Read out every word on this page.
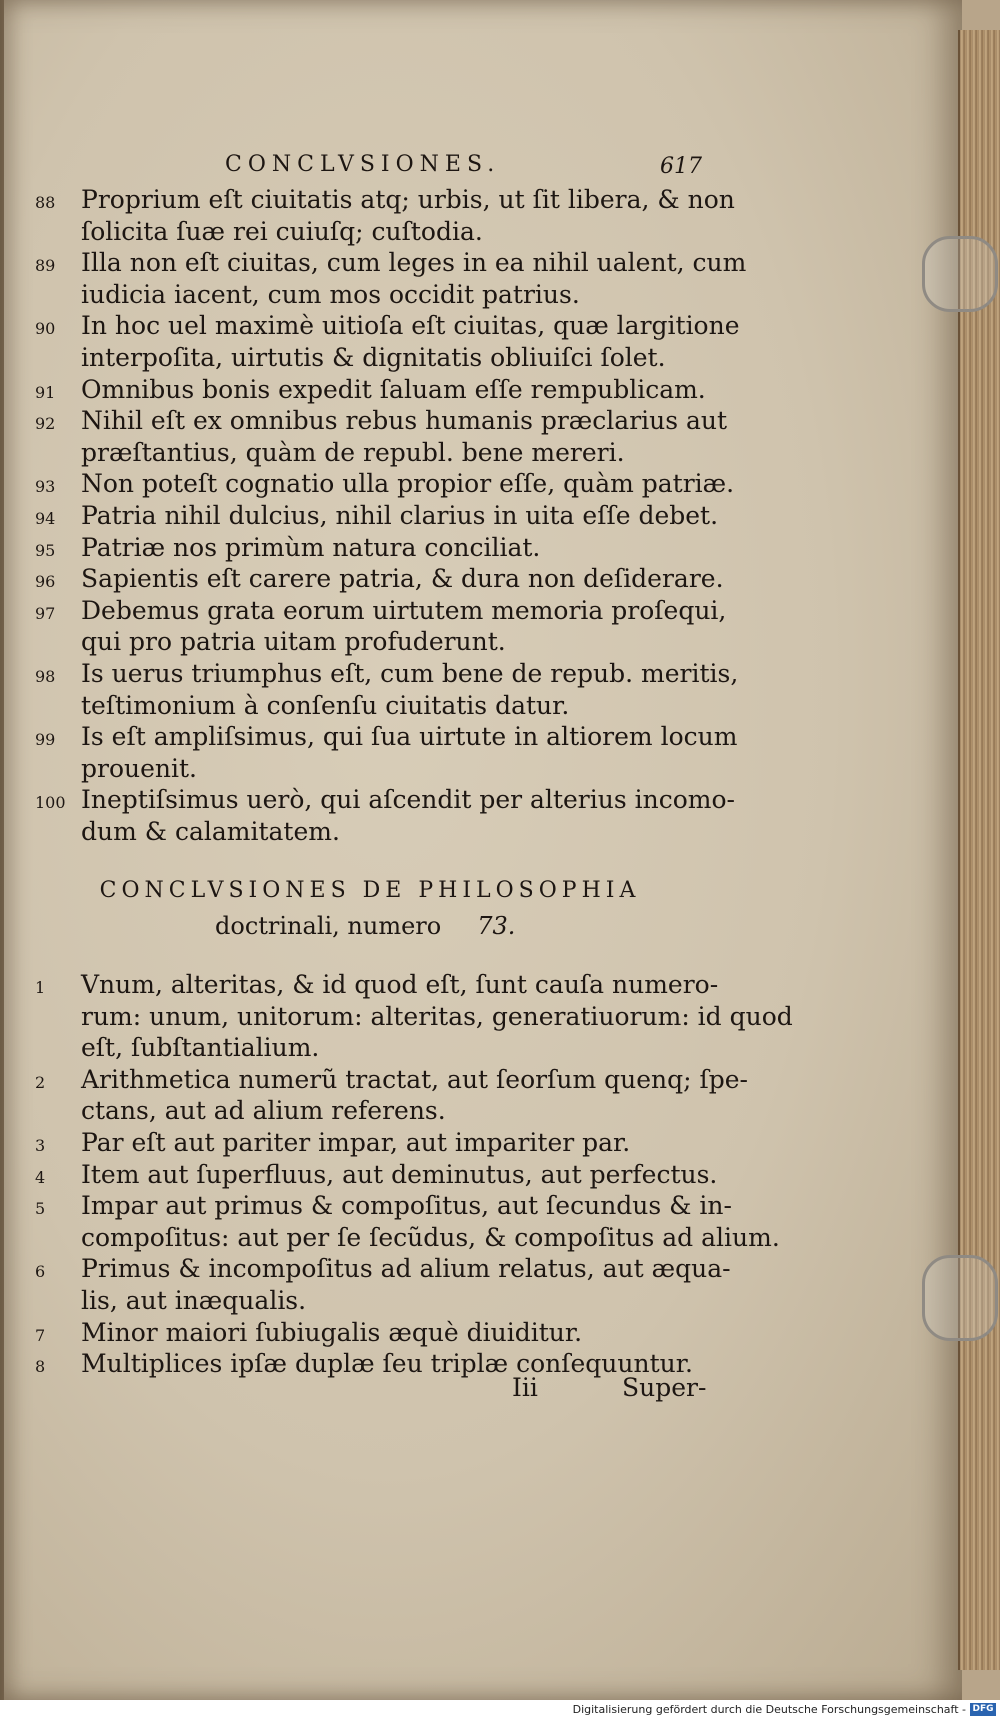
CONCLVSIONES.	617
88 Proprium eſt ciuitatis atq; urbis, ut ſit libera, & non
ſolicita ſuæ rei cuiuſq; cuſtodia.
89 Illa non eſt ciuitas, cum leges in ea nihil ualent, cum
iudicia iacent, cum mos occidit patrius.
90 In hoc uel maximè uitioſa eſt ciuitas, quæ largitione
interpoſita, uirtutis & dignitatis obliuiſci ſolet.
91 Omnibus bonis expedit ſaluam eſſe rempublicam.
92 Nihil eſt ex omnibus rebus humanis præclarius aut
præſtantius, quàm de republ. bene mereri.
93 Non poteſt cognatio ulla propior eſſe, quàm patriæ.
94 Patria nihil dulcius, nihil clarius in uita eſſe debet.
95 Patriæ nos primùm natura conciliat.
96 Sapientis eſt carere patria, & dura non deſiderare.
97 Debemus grata eorum uirtutem memoria proſequi,
qui pro patria uitam profuderunt.
98 Is uerus triumphus eſt, cum bene de repub. meritis,
teſtimonium à conſenſu ciuitatis datur.
99 Is eſt ampliſsimus, qui ſua uirtute in altiorem locum
prouenit.
100 Ineptiſsimus uerò, qui aſcendit per alterius incomo-
dum & calamitatem.
CONCLVSIONES DE PHILOSOPHIA
doctrinali, numero 73.
1 Vnum, alteritas, & id quod eſt, ſunt cauſa numero-
rum: unum, unitorum: alteritas, generatiuorum: id quod
eſt, ſubſtantialium.
2 Arithmetica numerũ tractat, aut ſeorſum quenq; ſpe-
ctans, aut ad alium referens.
3 Par eſt aut pariter impar, aut impariter par.
4 Item aut ſuperfluus, aut deminutus, aut perfectus.
5 Impar aut primus & compoſitus, aut ſecundus & in-
compoſitus: aut per ſe ſecũdus, & compoſitus ad alium.
6 Primus & incompoſitus ad alium relatus, aut æqua-
lis, aut inæqualis.
7 Minor maiori ſubiugalis æquè diuiditur.
8 Multiplices ipſæ duplæ ſeu triplæ conſequuntur.
Iii	Super-
Digitalisierung gefördert durch die Deutsche Forschungsgemeinschaft - DFG
